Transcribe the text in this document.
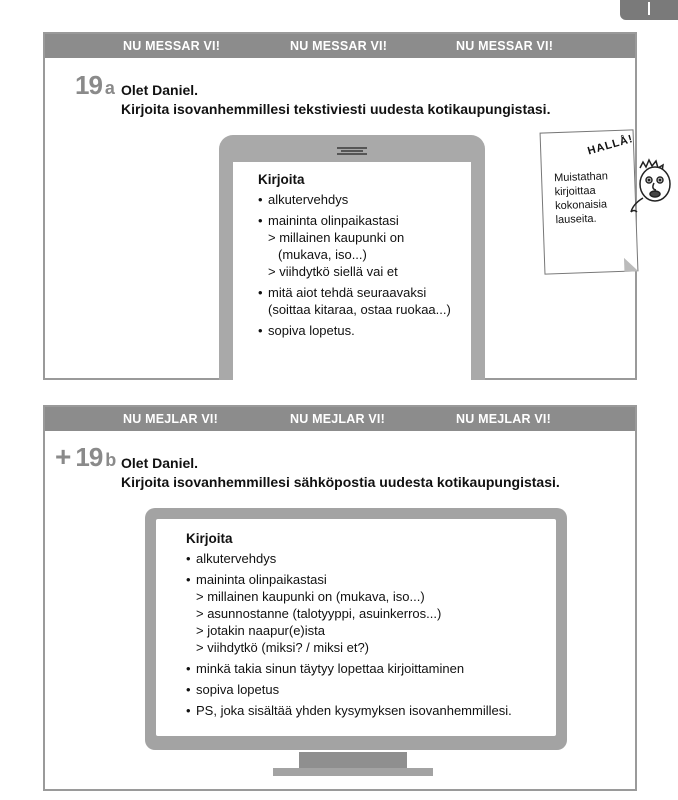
NU MESSAR VI!	NU MESSAR VI!	NU MESSAR VI!
19 a Olet Daniel.
Kirjoita isovanhemmillesi tekstiviesti uudesta kotikaupungistasi.
Kirjoita
• alkutervehdys
• maininta olinpaikastasi
> millainen kaupunki on
(mukava, iso...)
> viihdytkö siellä vai et
• mitä aiot tehdä seuraavaksi
(soittaa kitaraa, ostaa ruokaa...)
• sopiva lopetus.
HALLÅ!
Muistathan
kirjoittaa
kokonaisia
lauseita.
NU MEJLAR VI!	NU MEJLAR VI!	NU MEJLAR VI!
+ 19 b Olet Daniel.
Kirjoita isovanhemmillesi sähköpostia uudesta kotikaupungistasi.
Kirjoita
• alkutervehdys
• maininta olinpaikastasi
> millainen kaupunki on (mukava, iso...)
> asunnostanne (talotyyppi, asuinkerros...)
> jotakin naapur(e)ista
> viihdytkö (miksi? / miksi et?)
• minkä takia sinun täytyy lopettaa kirjoittaminen
• sopiva lopetus
• PS, joka sisältää yhden kysymyksen isovanhemmillesi.
